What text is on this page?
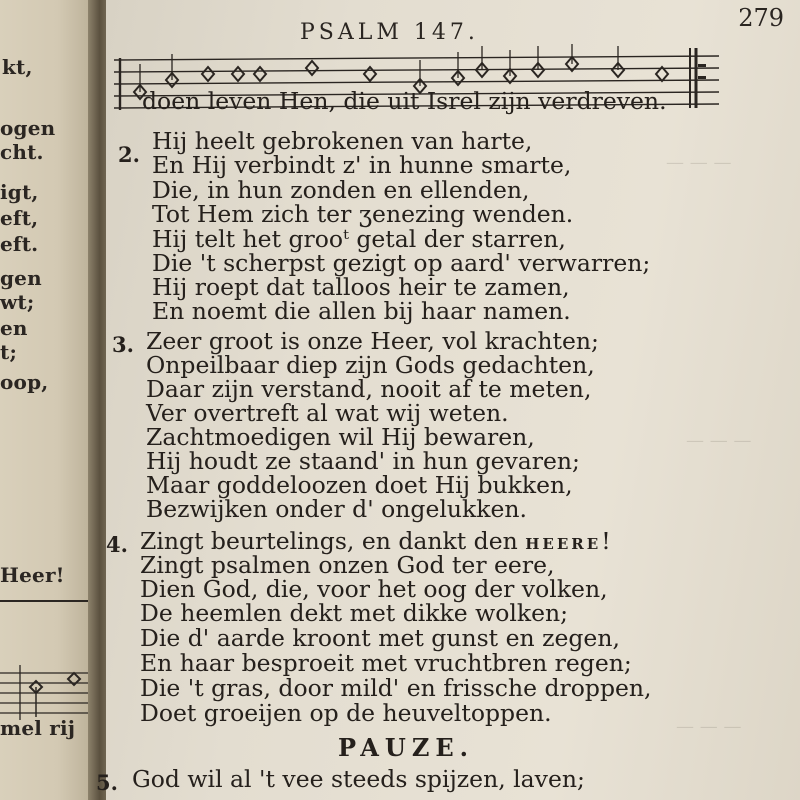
kt,
ogen
cht.
igt,
eft,
eft.
gen
wt;
en
t;
oop,
Heer!
mel rij
— — —
— — —
— — —
PSALM 147.
279
doen leven Hen, die uit Isrel zijn verdreven.
2. Hij heelt gebrokenen van harte,
En Hij verbindt z' in hunne smarte,
Die, in hun zonden en ellenden,
Tot Hem zich ter ʒenezing wenden.
Hij telt het grooᵗ getal der starren,
Die 't scherpst gezigt op aard' verwarren;
Hij roept dat talloos heir te zamen,
En noemt die allen bij haar namen.
3. Zeer groot is onze Heer, vol krachten;
Onpeilbaar diep zijn Gods gedachten,
Daar zijn verstand, nooit af te meten,
Ver overtreft al wat wij weten.
Zachtmoedigen wil Hij bewaren,
Hij houdt ze staand' in hun gevaren;
Maar goddeloozen doet Hij bukken,
Bezwijken onder d' ongelukken.
4. Zingt beurtelings, en dankt den HEERE!
Zingt psalmen onzen God ter eere,
Dien God, die, voor het oog der volken,
De heemlen dekt met dikke wolken;
Die d' aarde kroont met gunst en zegen,
En haar besproeit met vruchtbren regen;
Die 't gras, door mild' en frissche droppen,
Doet groeijen op de heuveltoppen.
PAUZE.
5. God wil al 't vee steeds spijzen, laven;
